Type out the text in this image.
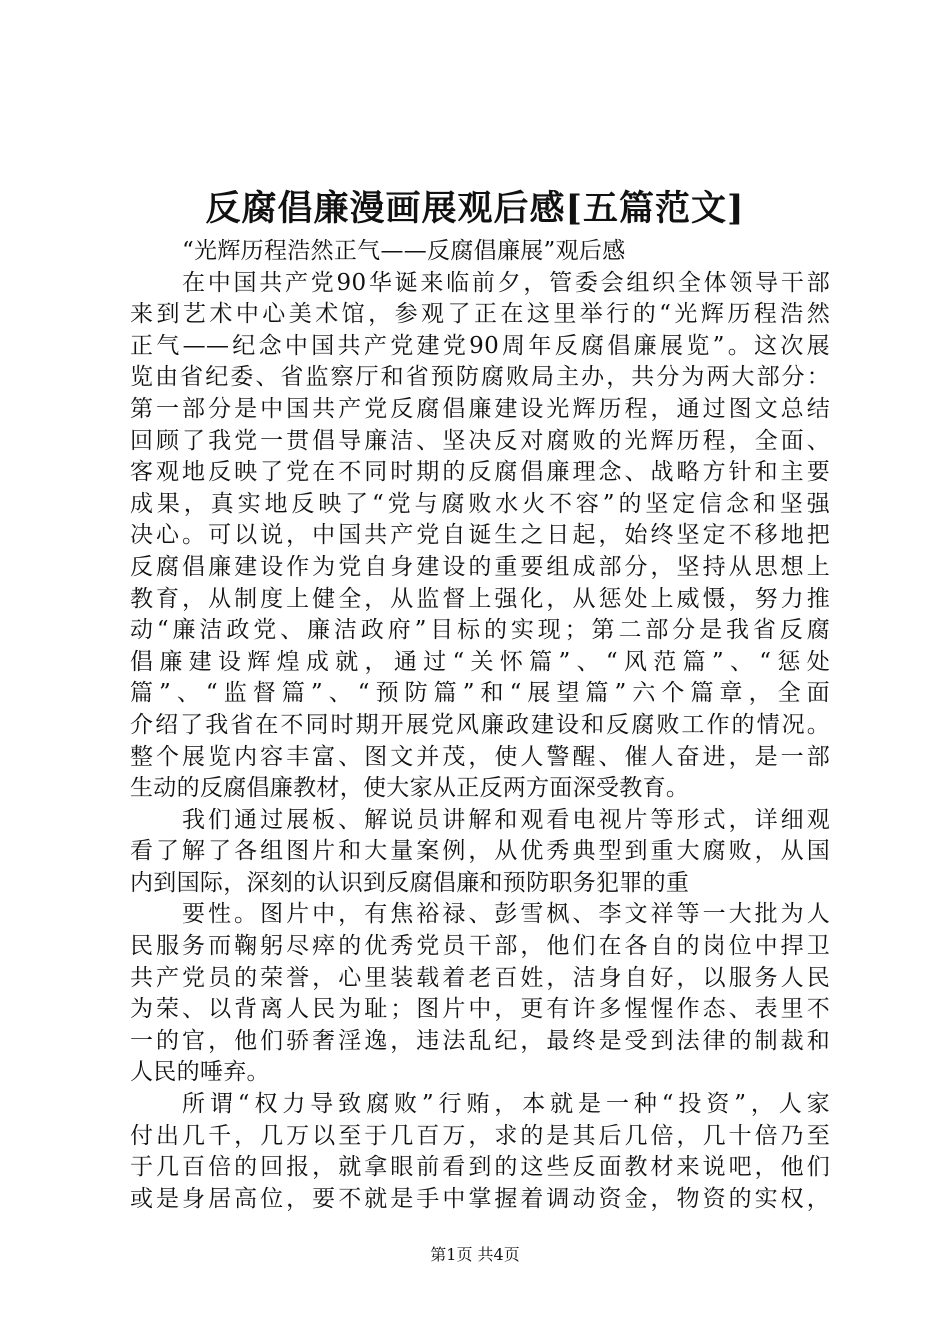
反腐倡廉漫画展观后感[五篇范文]
“光辉历程浩然正气——反腐倡廉展”观后感
在中国共产党90华诞来临前夕，管委会组织全体领导干部
来到艺术中心美术馆，参观了正在这里举行的“光辉历程浩然
正气——纪念中国共产党建党90周年反腐倡廉展览”。这次展
览由省纪委、省监察厅和省预防腐败局主办，共分为两大部分：
第一部分是中国共产党反腐倡廉建设光辉历程，通过图文总结
回顾了我党一贯倡导廉洁、坚决反对腐败的光辉历程，全面、
客观地反映了党在不同时期的反腐倡廉理念、战略方针和主要
成果，真实地反映了“党与腐败水火不容”的坚定信念和坚强
决心。可以说，中国共产党自诞生之日起，始终坚定不移地把
反腐倡廉建设作为党自身建设的重要组成部分，坚持从思想上
教育，从制度上健全，从监督上强化，从惩处上威慑，努力推
动“廉洁政党、廉洁政府”目标的实现；第二部分是我省反腐
倡廉建设辉煌成就，通过“关怀篇”、“风范篇”、“惩处
篇”、“监督篇”、“预防篇”和“展望篇”六个篇章，全面
介绍了我省在不同时期开展党风廉政建设和反腐败工作的情况。
整个展览内容丰富、图文并茂，使人警醒、催人奋进，是一部
生动的反腐倡廉教材，使大家从正反两方面深受教育。
我们通过展板、解说员讲解和观看电视片等形式，详细观
看了解了各组图片和大量案例，从优秀典型到重大腐败，从国
内到国际，深刻的认识到反腐倡廉和预防职务犯罪的重
要性。图片中，有焦裕禄、彭雪枫、李文祥等一大批为人
民服务而鞠躬尽瘁的优秀党员干部，他们在各自的岗位中捍卫
共产党员的荣誉，心里装载着老百姓，洁身自好，以服务人民
为荣、以背离人民为耻；图片中，更有许多惺惺作态、表里不
一的官，他们骄奢淫逸，违法乱纪，最终是受到法律的制裁和
人民的唾弃。
所谓“权力导致腐败”行贿，本就是一种“投资”，人家
付出几千，几万以至于几百万，求的是其后几倍，几十倍乃至
于几百倍的回报，就拿眼前看到的这些反面教材来说吧，他们
或是身居高位，要不就是手中掌握着调动资金，物资的实权，
第1页 共4页
